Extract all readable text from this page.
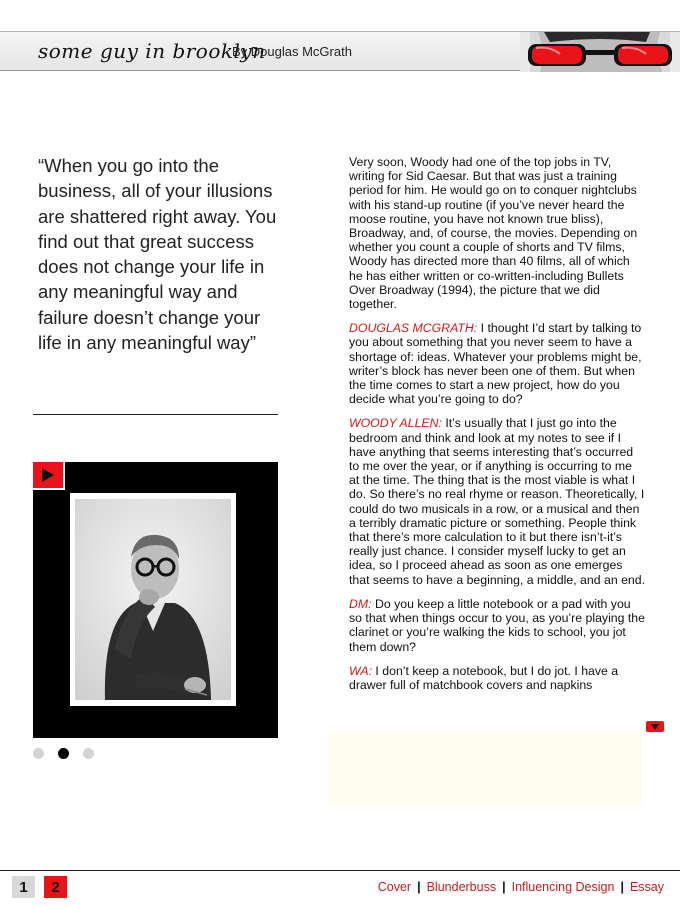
some guy in brooklyn
By Douglas McGrath
“When you go into the business, all of your illusions are shattered right away. You find out that great success does not change your life in any meaningful way and failure doesn’t change your life in any meaningful way”

Very soon, Woody had one of the top jobs in TV, writing for Sid Caesar. But that was just a training period for him. He would go on to conquer nightclubs with his stand-up routine (if you’ve never heard the moose routine, you have not known true bliss), Broadway, and, of course, the movies. Depending on whether you count a couple of shorts and TV films, Woody has directed more than 40 films, all of which he has either written or co-written-including Bullets Over Broadway (1994), the picture that we did together.

DOUGLAS MCGRATH: I thought I’d start by talking to you about something that you never seem to have a shortage of: ideas. Whatever your problems might be, writer’s block has never been one of them. But when the time comes to start a new project, how do you decide what you’re going to do?

WOODY ALLEN: It’s usually that I just go into the bedroom and think and look at my notes to see if I have anything that seems interesting that’s occurred to me over the year, or if anything is occurring to me at the time. The thing that is the most viable is what I do. So there’s no real rhyme or reason. Theoretically, I could do two musicals in a row, or a musical and then a terribly dramatic picture or something. People think that there’s more calculation to it but there isn’t-it’s really just chance. I consider myself lucky to get an idea, so I proceed ahead as soon as one emerges that seems to have a beginning, a middle, and an end.

DM: Do you keep a little notebook or a pad with you so that when things occur to you, as you’re playing the clarinet or you’re walking the kids to school, you jot them down?

WA: I don’t keep a notebook, but I do jot. I have a drawer full of matchbook covers and napkins

1	2	Cover | Blunderbuss | Influencing Design | Essay
